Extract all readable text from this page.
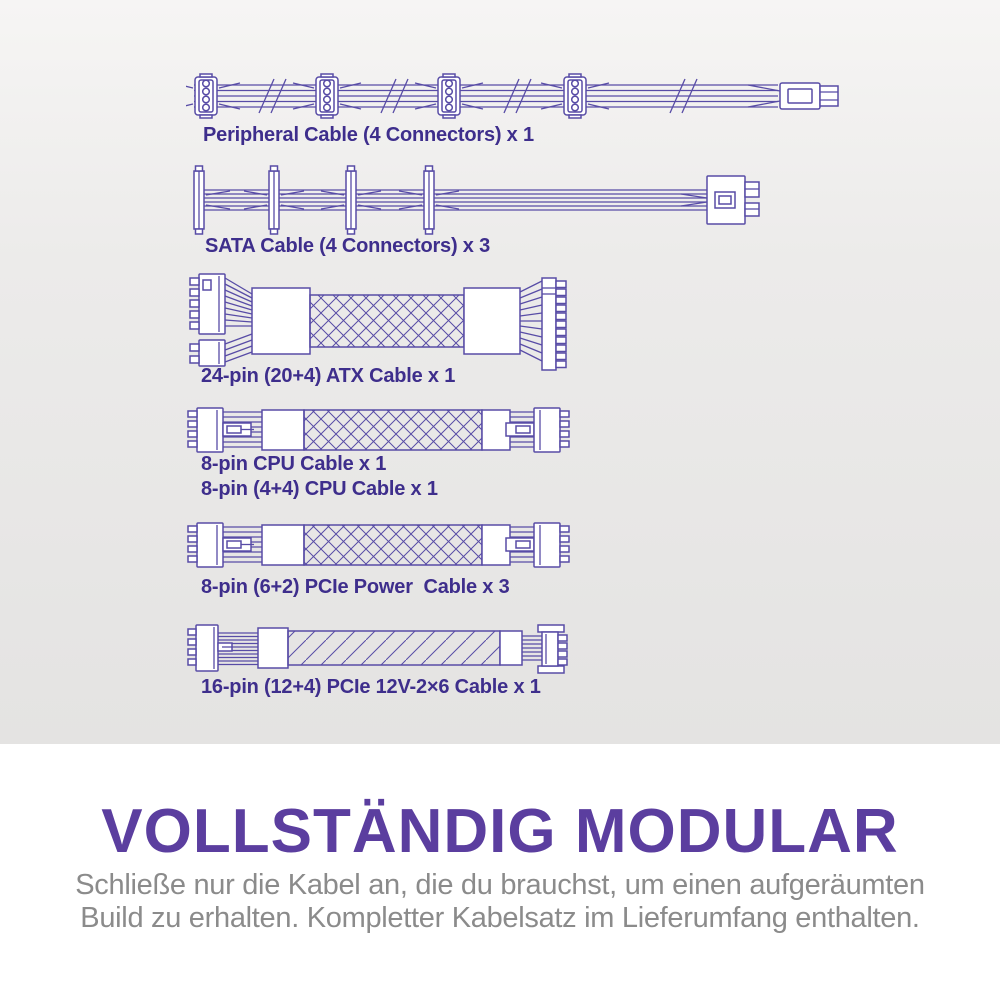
Peripheral Cable (4 Connectors) x 1
SATA Cable (4 Connectors) x 3
24-pin (20+4) ATX Cable x 1
8-pin CPU Cable x 1
8-pin (4+4) CPU Cable x 1
8-pin (6+2) PCIe Power  Cable x 3
16-pin (12+4) PCIe 12V-2×6 Cable x 1
VOLLSTÄNDIG MODULAR
Schließe nur die Kabel an, die du brauchst, um einen aufgeräumten
Build zu erhalten. Kompletter Kabelsatz im Lieferumfang enthalten.
